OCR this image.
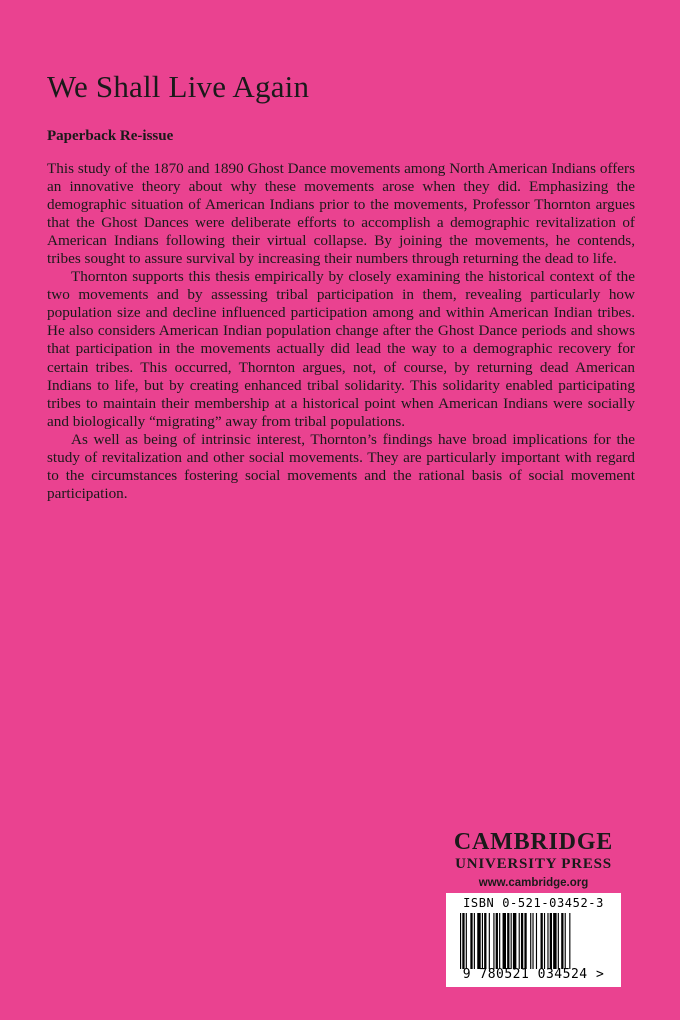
We Shall Live Again
Paperback Re-issue

This study of the 1870 and 1890 Ghost Dance movements among North American Indians offers an innovative theory about why these movements arose when they did. Emphasizing the demographic situation of American Indians prior to the movements, Professor Thornton argues that the Ghost Dances were deliberate efforts to accomplish a demographic revitalization of American Indians following their virtual collapse. By joining the movements, he contends, tribes sought to assure survival by increasing their numbers through returning the dead to life.

Thornton supports this thesis empirically by closely examining the historical context of the two movements and by assessing tribal participation in them, revealing particularly how population size and decline influenced participation among and within American Indian tribes. He also considers American Indian population change after the Ghost Dance periods and shows that participation in the movements actually did lead the way to a demographic recovery for certain tribes. This occurred, Thornton argues, not, of course, by returning dead American Indians to life, but by creating enhanced tribal solidarity. This solidarity enabled participating tribes to maintain their membership at a historical point when American Indians were socially and biologically “migrating” away from tribal populations.

As well as being of intrinsic interest, Thornton’s findings have broad implications for the study of revitalization and other social movements. They are particularly important with regard to the circumstances fostering social movements and the rational basis of social movement participation.

CAMBRIDGE
UNIVERSITY PRESS
www.cambridge.org
ISBN 0-521-03452-3
9 780521 034524 >
